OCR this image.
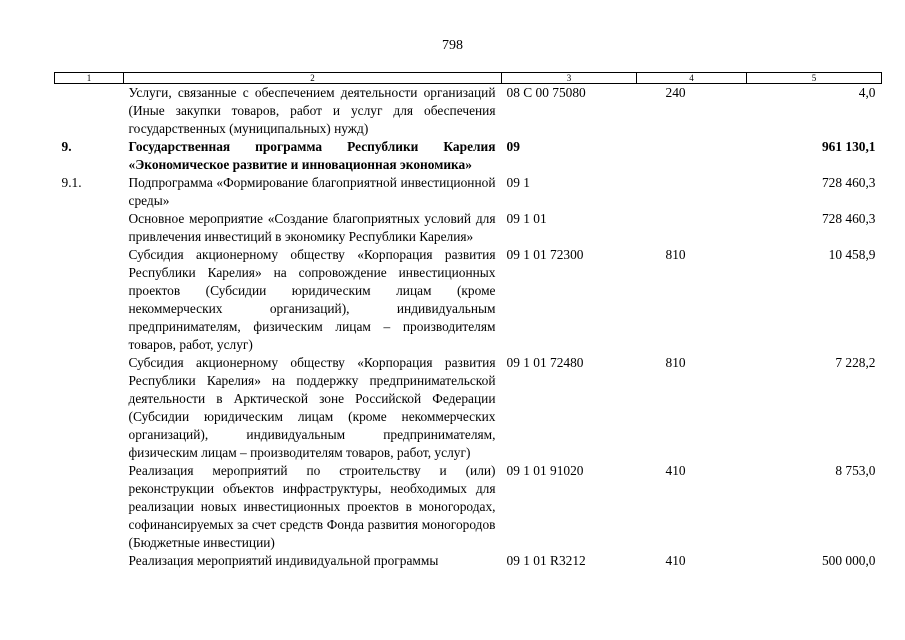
798
1	2	3	4	5
	Услуги, связанные с обеспечением деятельности организаций (Иные закупки товаров, работ и услуг для обеспечения государственных (муниципальных) нужд)	08 С 00 75080	240	4,0
9.	Государственная программа Республики Карелия «Экономическое развитие и инновационная экономика»	09		961 130,1
9.1.	Подпрограмма «Формирование благоприятной инвестиционной среды»	09 1		728 460,3
	Основное мероприятие «Создание благоприятных условий для привлечения инвестиций в экономику Республики Карелия»	09 1 01		728 460,3
	Субсидия акционерному обществу «Корпорация развития Республики Карелия» на сопровождение инвестиционных проектов (Субсидии юридическим лицам (кроме некоммерческих организаций), индивидуальным предпринимателям, физическим лицам – производителям товаров, работ, услуг)	09 1 01 72300	810	10 458,9
	Субсидия акционерному обществу «Корпорация развития Республики Карелия» на поддержку предпринимательской деятельности в Арктической зоне Российской Федерации (Субсидии юридическим лицам (кроме некоммерческих организаций), индивидуальным предпринимателям, физическим лицам – производителям товаров, работ, услуг)	09 1 01 72480	810	7 228,2
	Реализация мероприятий по строительству и (или) реконструкции объектов инфраструктуры, необходимых для реализации новых инвестиционных проектов в моногородах, софинансируемых за счет средств Фонда развития моногородов (Бюджетные инвестиции)	09 1 01 91020	410	8 753,0
	Реализация мероприятий индивидуальной программы	09 1 01 R3212	410	500 000,0
